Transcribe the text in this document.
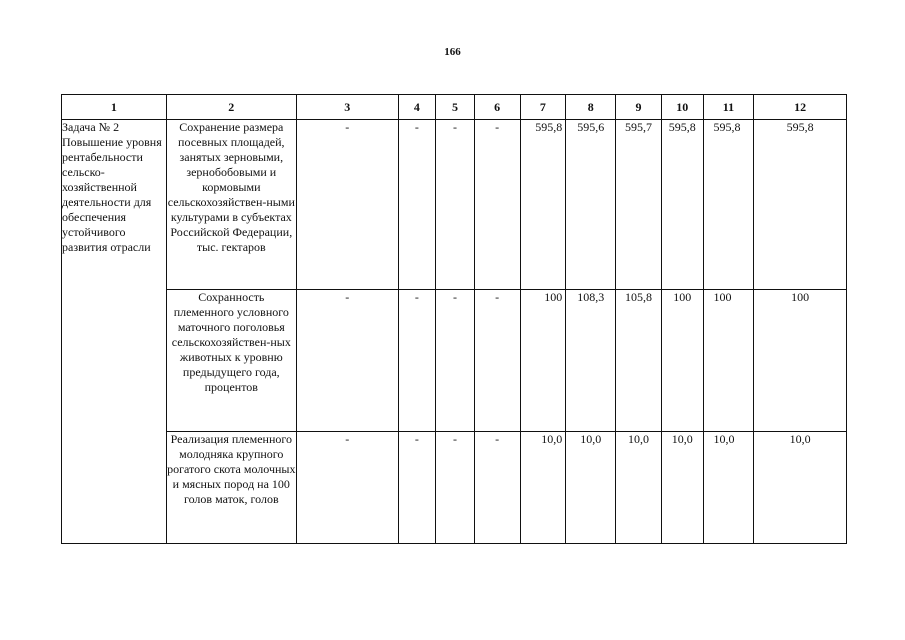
166
1	2	3	4	5	6	7	8	9	10	11	12
Задача № 2 Повышение уровня рентабельности сельско-хозяйственной деятельности для обеспечения устойчивого развития отрасли	Сохранение размера посевных площадей, занятых зерновыми, зернобобовыми и кормовыми сельскохозяйствен-ными культурами в субъектах Российской Федерации, тыс. гектаров	-	-	-	-	595,8	595,6	595,7	595,8	595,8	595,8
	Сохранность племенного условного маточного поголовья сельскохозяйствен-ных животных к уровню предыдущего года, процентов	-	-	-	-	100	108,3	105,8	100	100	100
	Реализация племенного молодняка крупного рогатого скота молочных и мясных пород на 100 голов маток, голов	-	-	-	-	10,0	10,0	10,0	10,0	10,0	10,0
